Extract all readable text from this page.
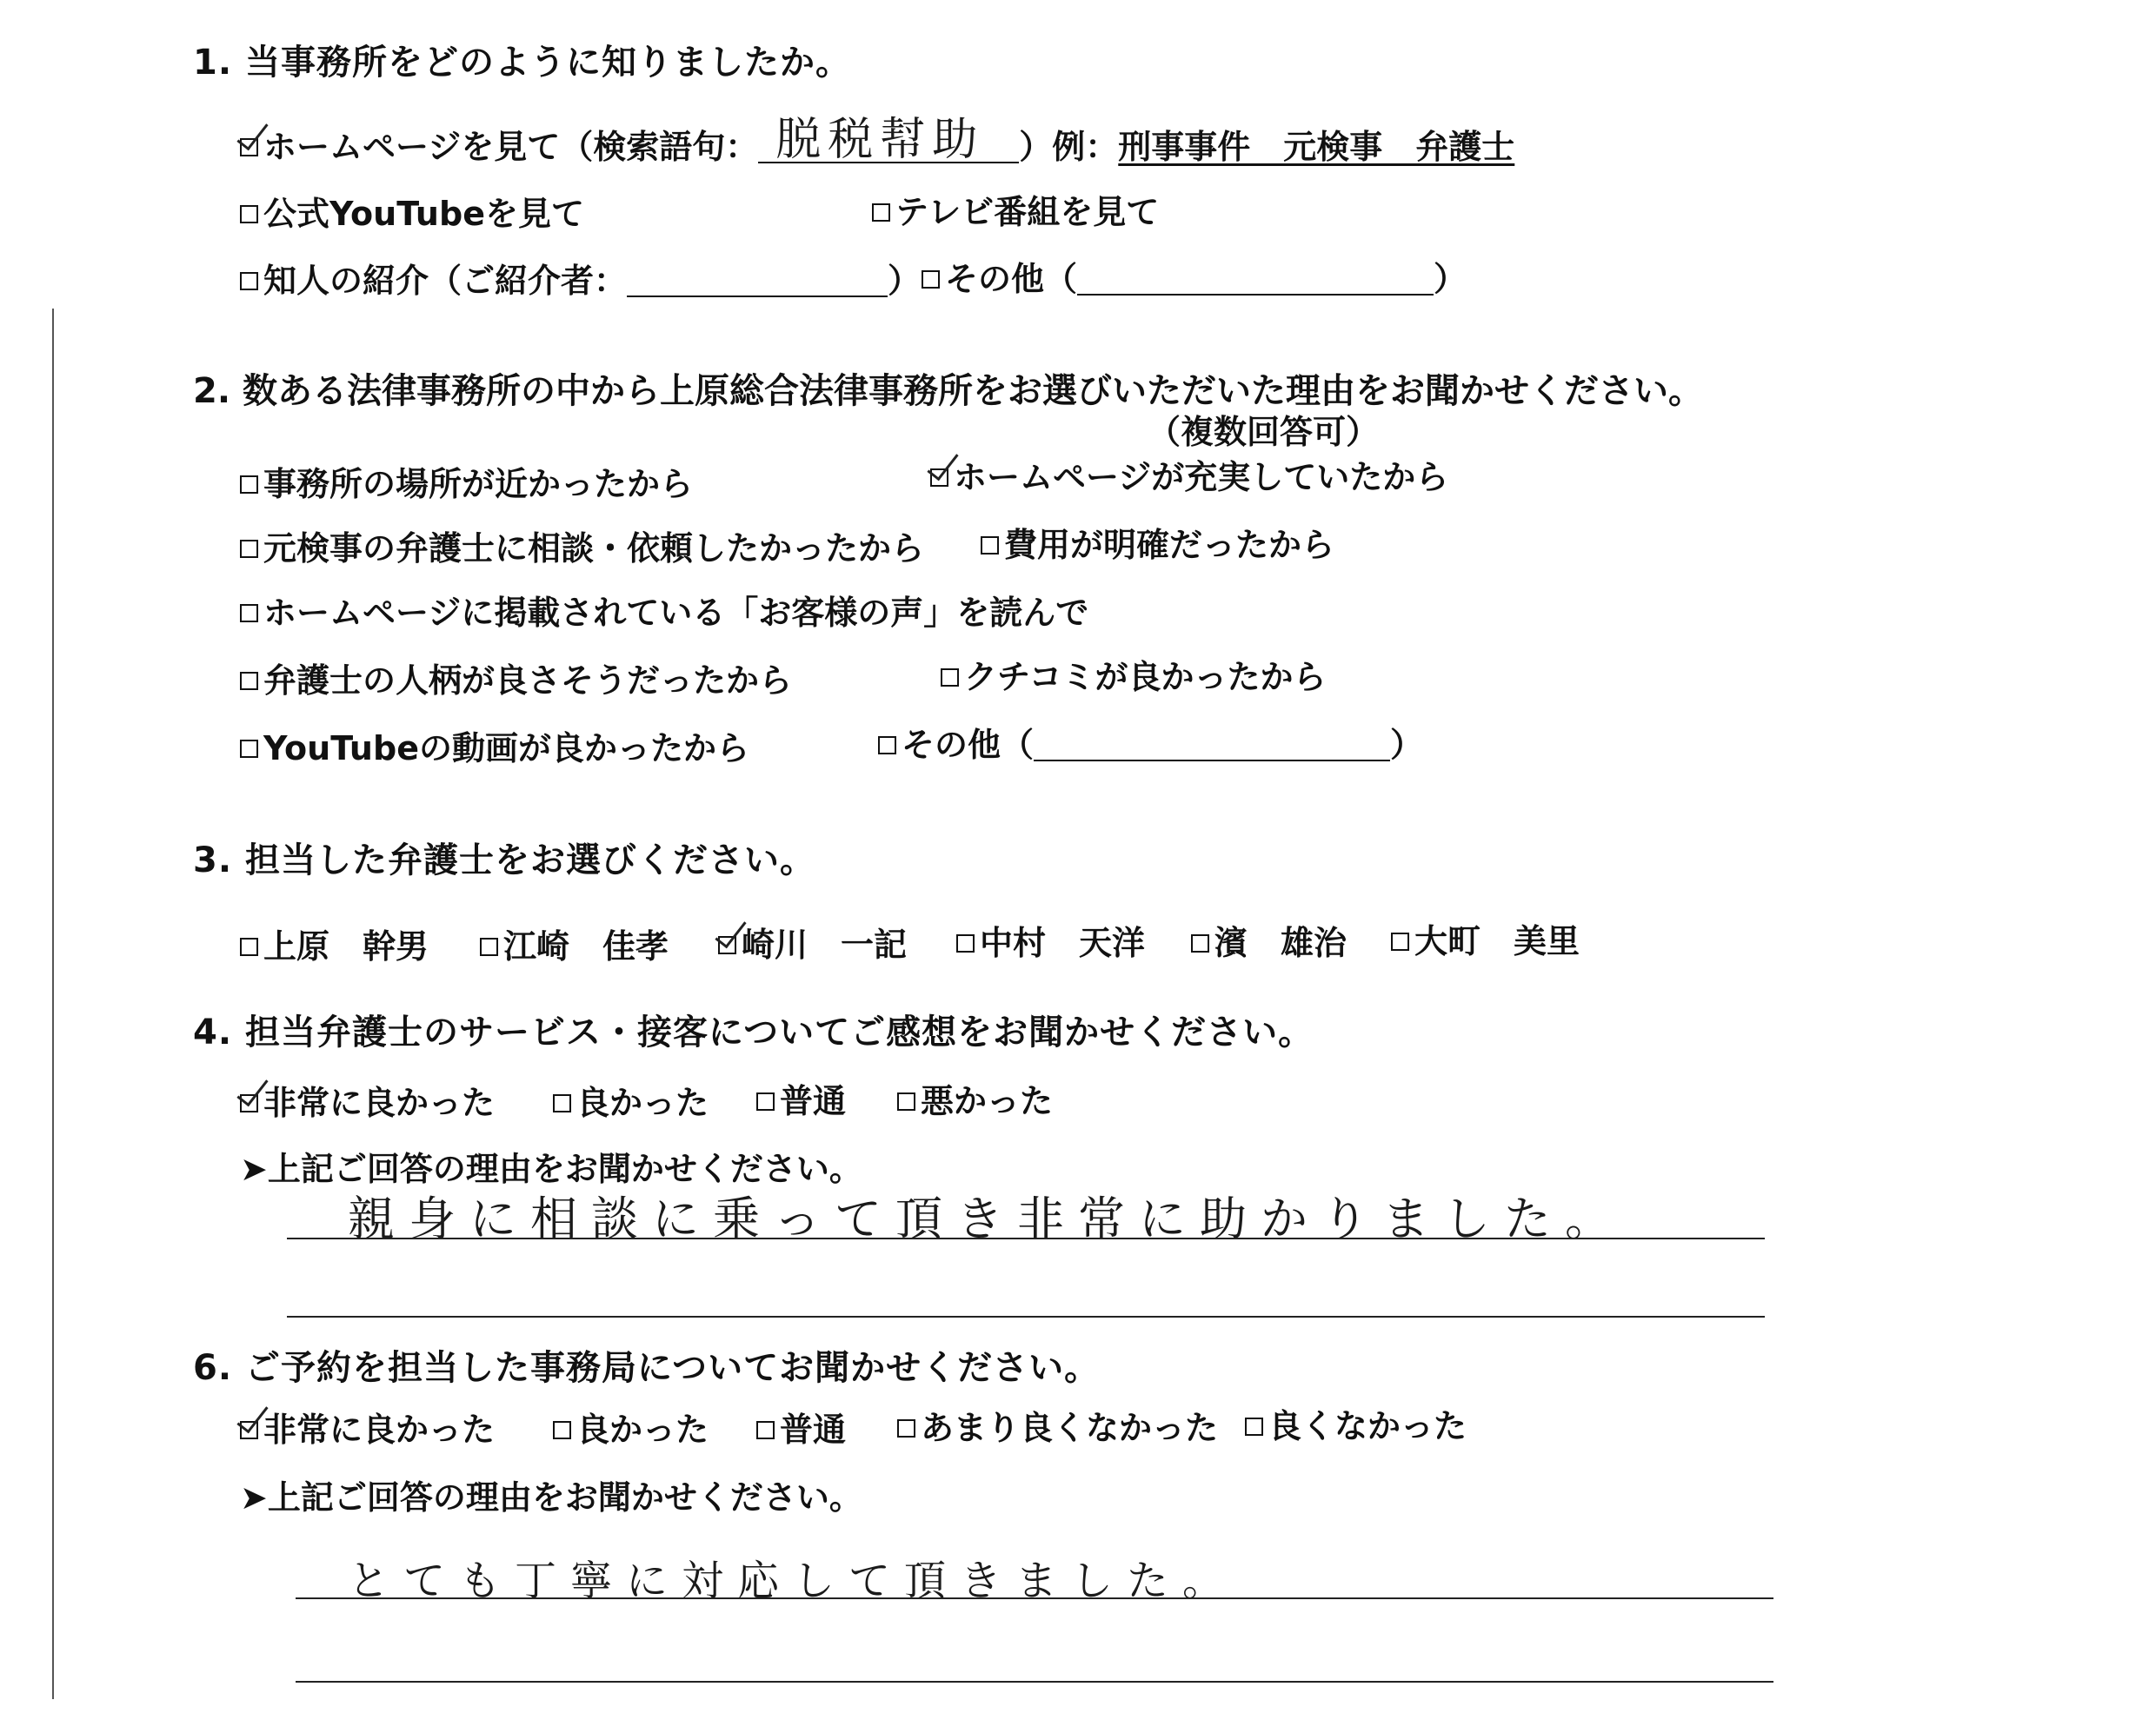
1. 当事務所をどのように知りましたか。
ホームページを見て（検索語句： 脱税幇助 ）例：刑事事件　元検事　弁護士
公式YouTubeを見て	テレビ番組を見て
知人の紹介（ご紹介者：	） その他（	）
2. 数ある法律事務所の中から上原総合法律事務所をお選びいただいた理由をお聞かせください。
（複数回答可）
事務所の場所が近かったから	ホームページが充実していたから
元検事の弁護士に相談・依頼したかったから	費用が明確だったから
ホームページに掲載されている「お客様の声」を読んで
弁護士の人柄が良さそうだったから	クチコミが良かったから
YouTubeの動画が良かったから	その他（	）
3. 担当した弁護士をお選びください。
上原　幹男	江崎　佳孝	崎川　一記	中村　天洋	濱　雄治	大町　美里
4. 担当弁護士のサービス・接客についてご感想をお聞かせください。
非常に良かった	良かった	普通	悪かった
➤上記ご回答の理由をお聞かせください。
親身に相談に乗って頂き非常に助かりました。
6. ご予約を担当した事務局についてお聞かせください。
非常に良かった	良かった	普通	あまり良くなかった	良くなかった
➤上記ご回答の理由をお聞かせください。
とても丁寧に対応して頂きました。
